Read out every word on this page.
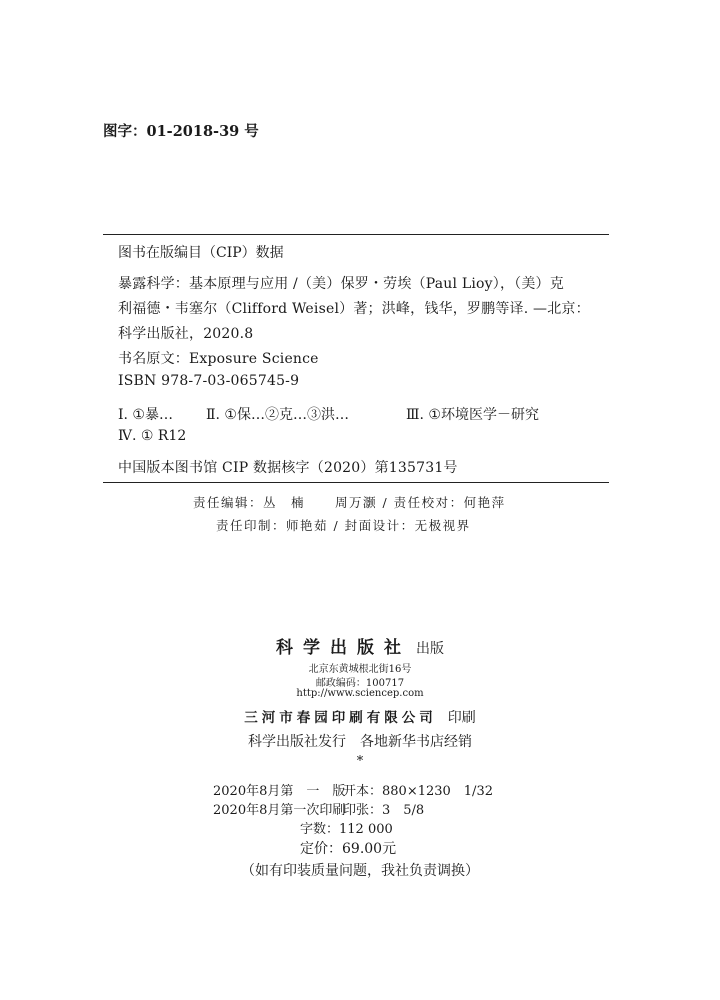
图字：01-2018-39 号
图书在版编目（CIP）数据
暴露科学：基本原理与应用 /（美）保罗・劳埃（Paul Lioy），（美）克
利福德・韦塞尔（Clifford Weisel）著；洪峰，钱华，罗鹏等译. —北京：
科学出版社，2020.8
书名原文：Exposure Science
ISBN 978-7-03-065745-9
Ⅰ. ①暴… Ⅱ. ①保…②克…③洪…	Ⅲ. ①环境医学－研究
Ⅳ. ① R12
中国版本图书馆 CIP 数据核字（2020）第135731号
责任编辑：丛　楠 周万灏 / 责任校对：何艳萍
责任印制：师艳茹 / 封面设计：无极视界
科学出版社 出版
北京东黄城根北街16号
邮政编码：100717
http://www.sciencep.com
三河市春园印刷有限公司 印刷
科学出版社发行　各地新华书店经销
*
2020年8月第　一　版开本：880×1230　1/32
2020年8月第一次印刷印张：3　5/8
字数：112 000
定价：69.00元
（如有印装质量问题，我社负责调换）
